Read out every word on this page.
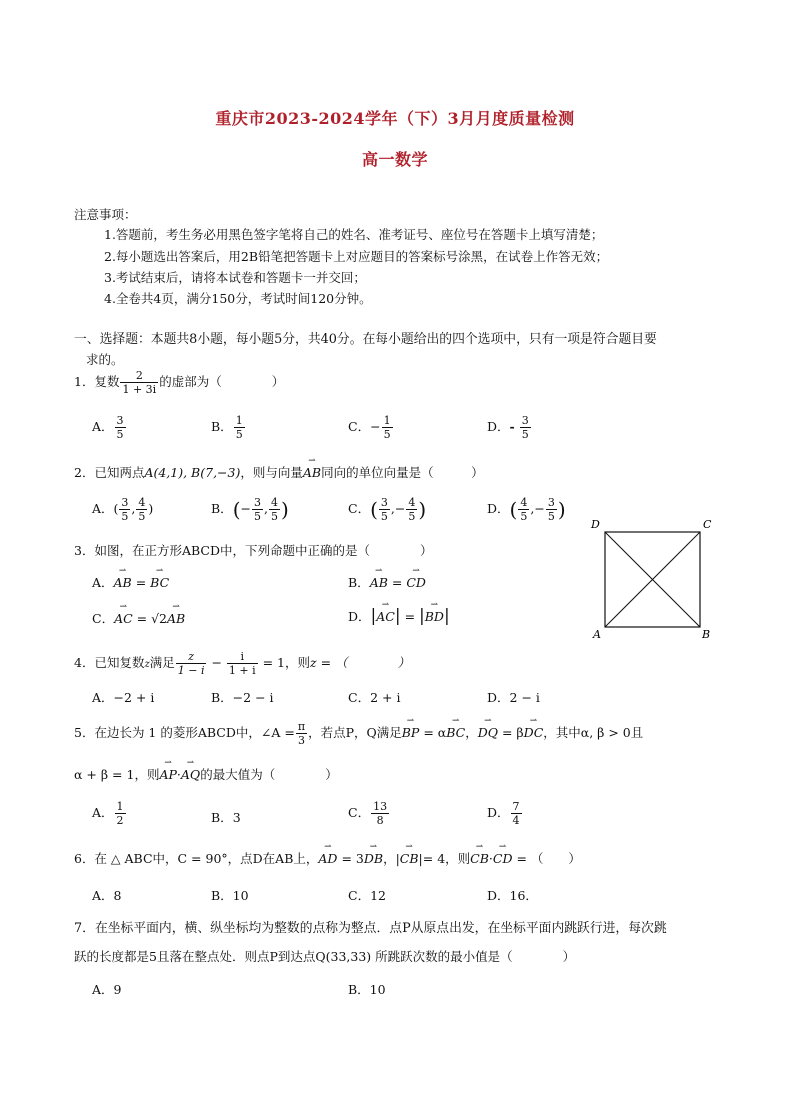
重庆市2023-2024学年（下）3月月度质量检测
高一数学
注意事项：
1.答题前，考生务必用黑色签字笔将自己的姓名、准考证号、座位号在答题卡上填写清楚；
2.每小题选出答案后，用2B铅笔把答题卡上对应题目的答案标号涂黑，在试卷上作答无效；
3.考试结束后，请将本试卷和答题卡一并交回；
4.全卷共4页，满分150分，考试时间120分钟。
一、选择题：本题共8小题，每小题5分，共40分。在每小题给出的四个选项中，只有一项是符合题目要
求的。
1．复数 $\frac{2}{1 + 3i}$ 的虚部为（　　　　）
A． $\frac{3}{5}$	B． $\frac{1}{5}$	C．− $\frac{1}{5}$	D．- $\frac{3}{5}$
2．已知两点A(4,1), B(7,−3)，则与向量⇀ AB同向的单位向量是（　　　）
A．( $\frac{3}{5}$ , $\frac{4}{5}$ )	B．(− $\frac{3}{5}$ , $\frac{4}{5}$ )	C．( $\frac{3}{5}$ ,− $\frac{4}{5}$ )	D．( $\frac{4}{5}$ ,− $\frac{3}{5}$ )
3．如图，在正方形ABCD中，下列命题中正确的是（　　　　）
A．⇀ AB = ⇀ BC	B．⇀ AB = ⇀ CD
C．⇀ AC = √2⇀ AB	D．|⇀ AC| = |⇀ BD|
D	C
A	B
4．已知复数z满足 $\frac{z}{1 - i} - \frac{i}{1 + i} = 1$，则z = （　　　　）
A．−2 + i	B．−2 − i	C．2 + i	D．2 − i
5．在边长为 1 的菱形ABCD中，∠A = $\frac{\pi}{3}$ ，若点P，Q满足⇀ BP = α⇀ BC，⇀ DQ = β⇀ DC，其中α, β > 0且
α + β = 1，则⇀ AP·⇀ AQ的最大值为（　　　　）
A． $\frac{1}{2}$	B．3	C． $\frac{13}{8}$	D． $\frac{7}{4}$
6．在 △ ABC中，C = 90°，点D在AB上，⇀ AD = 3⇀ DB，|⇀ CB|= 4，则⇀ CB·⇀ CD = （　　）
A．8	B．10	C．12	D．16．
7．在坐标平面内，横、纵坐标均为整数的点称为整点．点P从原点出发，在坐标平面内跳跃行进，每次跳
跃的长度都是5且落在整点处．则点P到达点Q(33,33) 所跳跃次数的最小值是（　　　　）
A．9	B．10
